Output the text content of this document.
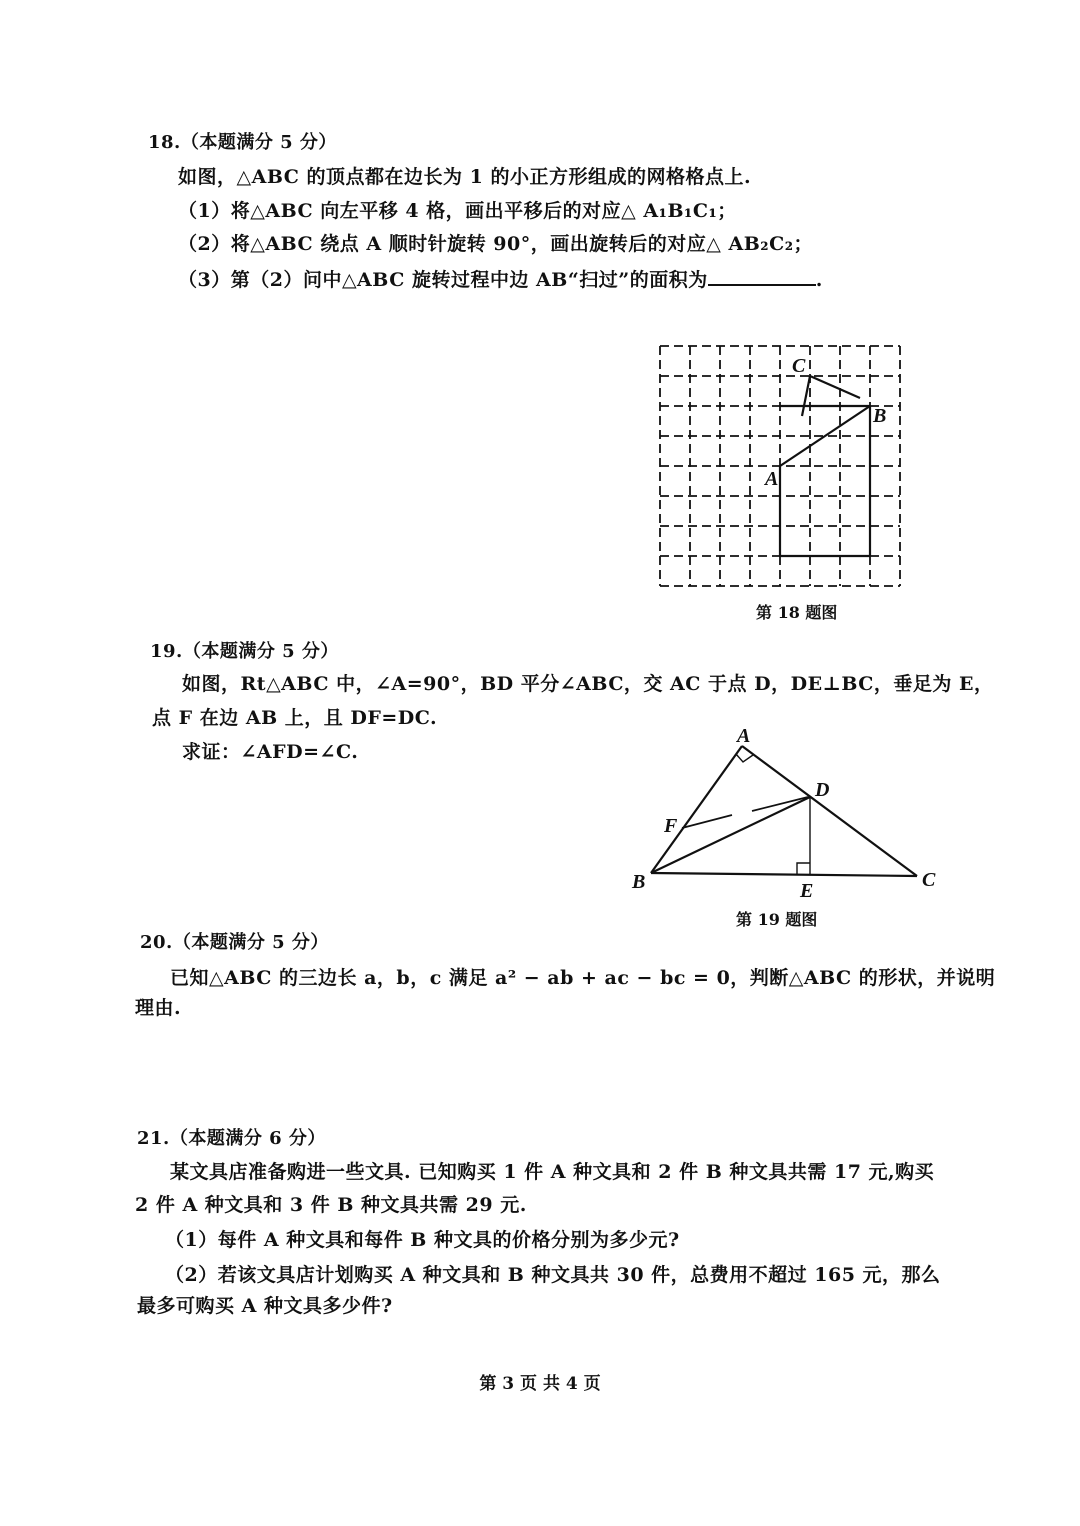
18.（本题满分 5 分）
如图，△ABC 的顶点都在边长为 1 的小正方形组成的网格格点上.
（1）将△ABC 向左平移 4 格，画出平移后的对应△ A₁B₁C₁；
（2）将△ABC 绕点 A 顺时针旋转 90°，画出旋转后的对应△ AB₂C₂；
（3）第（2）问中△ABC 旋转过程中边 AB“扫过”的面积为	.
A
B	C
D
E
F
C
B
A
第 18 题图
19.（本题满分 5 分）
如图，Rt△ABC 中，∠A=90°，BD 平分∠ABC，交 AC 于点 D，DE⊥BC，垂足为 E，
点 F 在边 AB 上，且 DF=DC.
求证：∠AFD=∠C.
第 19 题图
20.（本题满分 5 分）
已知△ABC 的三边长 a，b，c 满足 a² − ab + ac − bc = 0，判断△ABC 的形状，并说明
理由.
21.（本题满分 6 分）
某文具店准备购进一些文具. 已知购买 1 件 A 种文具和 2 件 B 种文具共需 17 元,购买
2 件 A 种文具和 3 件 B 种文具共需 29 元.
（1）每件 A 种文具和每件 B 种文具的价格分别为多少元?
（2）若该文具店计划购买 A 种文具和 B 种文具共 30 件，总费用不超过 165 元，那么
最多可购买 A 种文具多少件?
第 3 页 共 4 页
